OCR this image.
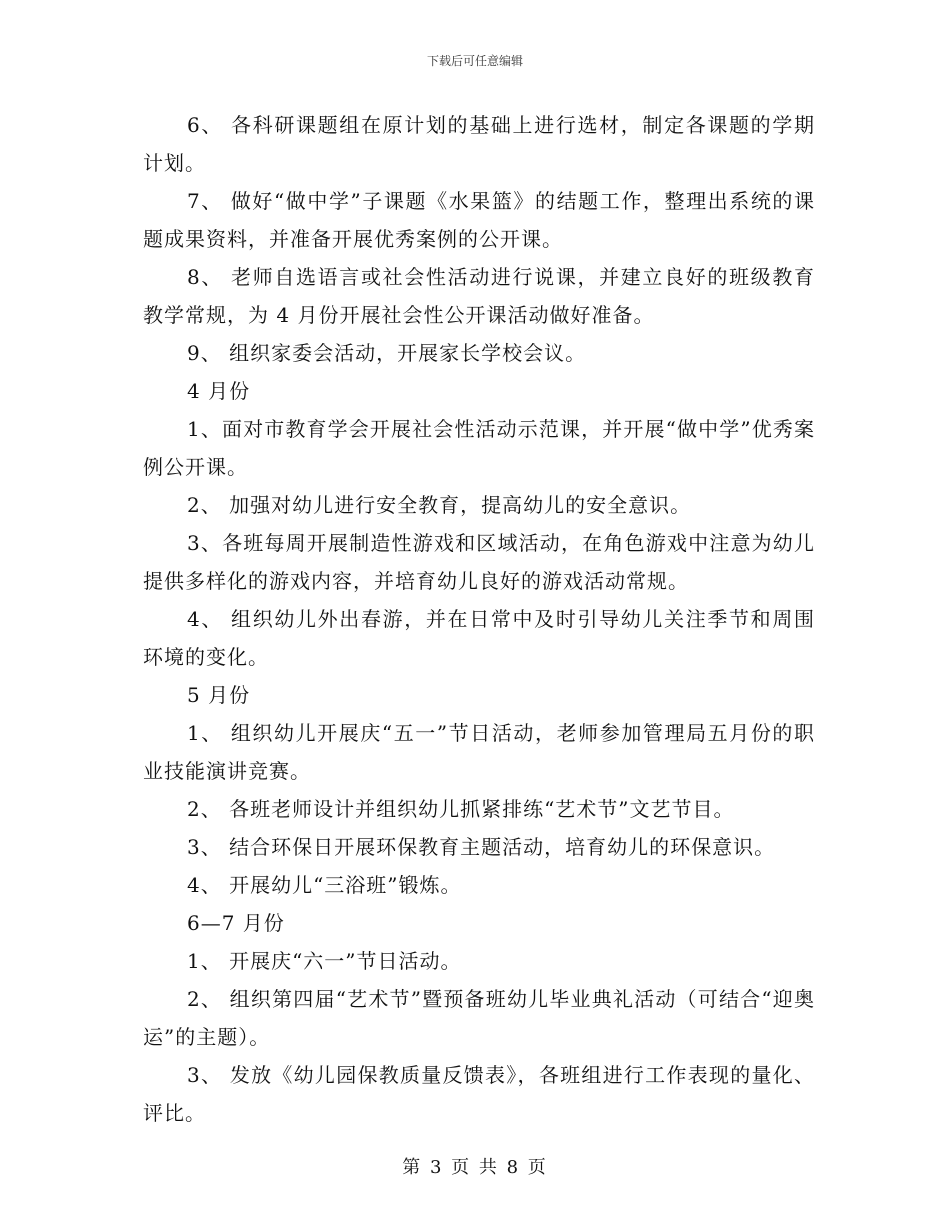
下载后可任意编辑

6、 各科研课题组在原计划的基础上进行选材，制定各课题的学期计划。

7、 做好“做中学”子课题《水果篮》的结题工作，整理出系统的课题成果资料，并准备开展优秀案例的公开课。

8、 老师自选语言或社会性活动进行说课，并建立良好的班级教育教学常规，为 4 月份开展社会性公开课活动做好准备。

9、 组织家委会活动，开展家长学校会议。

4 月份

1、面对市教育学会开展社会性活动示范课，并开展“做中学”优秀案例公开课。

2、 加强对幼儿进行安全教育，提高幼儿的安全意识。

3、各班每周开展制造性游戏和区域活动，在角色游戏中注意为幼儿提供多样化的游戏内容，并培育幼儿良好的游戏活动常规。

4、 组织幼儿外出春游，并在日常中及时引导幼儿关注季节和周围环境的变化。

5 月份

1、 组织幼儿开展庆“五一”节日活动，老师参加管理局五月份的职业技能演讲竞赛。

2、 各班老师设计并组织幼儿抓紧排练“艺术节”文艺节目。

3、 结合环保日开展环保教育主题活动，培育幼儿的环保意识。

4、 开展幼儿“三浴班”锻炼。

6—7 月份

1、 开展庆“六一”节日活动。

2、 组织第四届“艺术节”暨预备班幼儿毕业典礼活动（可结合“迎奥运”的主题）。

3、 发放《幼儿园保教质量反馈表》，各班组进行工作表现的量化、评比。

第 3 页 共 8 页
